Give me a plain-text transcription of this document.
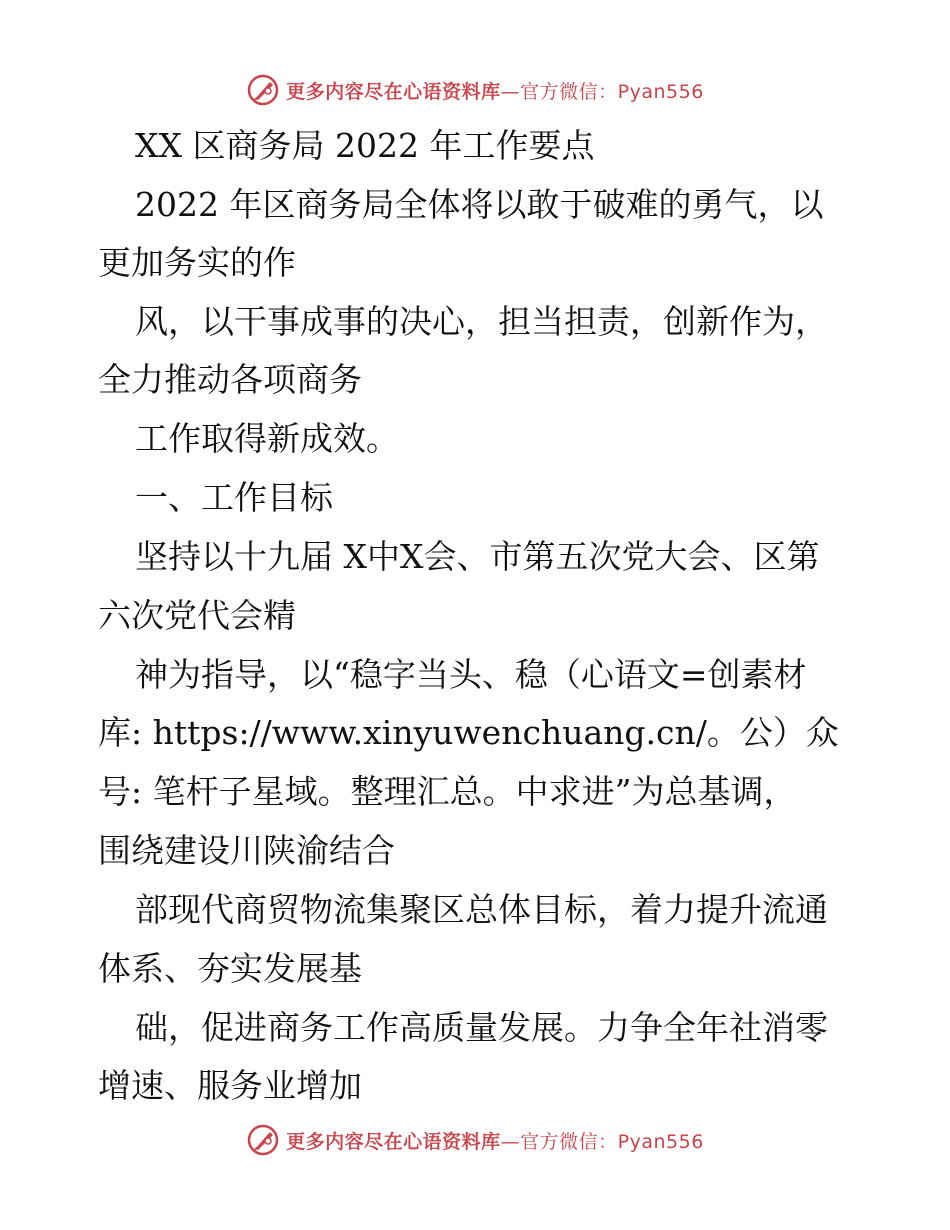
更多内容尽在心语资料库—官方微信：Pyan556
XX 区商务局 2022 年工作要点
2022 年区商务局全体将以敢于破难的勇气，以
更加务实的作
风，以干事成事的决心，担当担责，创新作为，
全力推动各项商务
工作取得新成效。
一、工作目标
坚持以十九届 X中X会、市第五次党大会、区第
六次党代会精
神为指导，以“稳字当头、稳（心语文=创素材
库: https://www.xinyuwenchuang.cn/。公）众
号: 笔杆子星域。整理汇总。中求进”为总基调，
围绕建设川陕渝结合
部现代商贸物流集聚区总体目标，着力提升流通
体系、夯实发展基
础，促进商务工作高质量发展。力争全年社消零
增速、服务业增加
更多内容尽在心语资料库—官方微信：Pyan556
